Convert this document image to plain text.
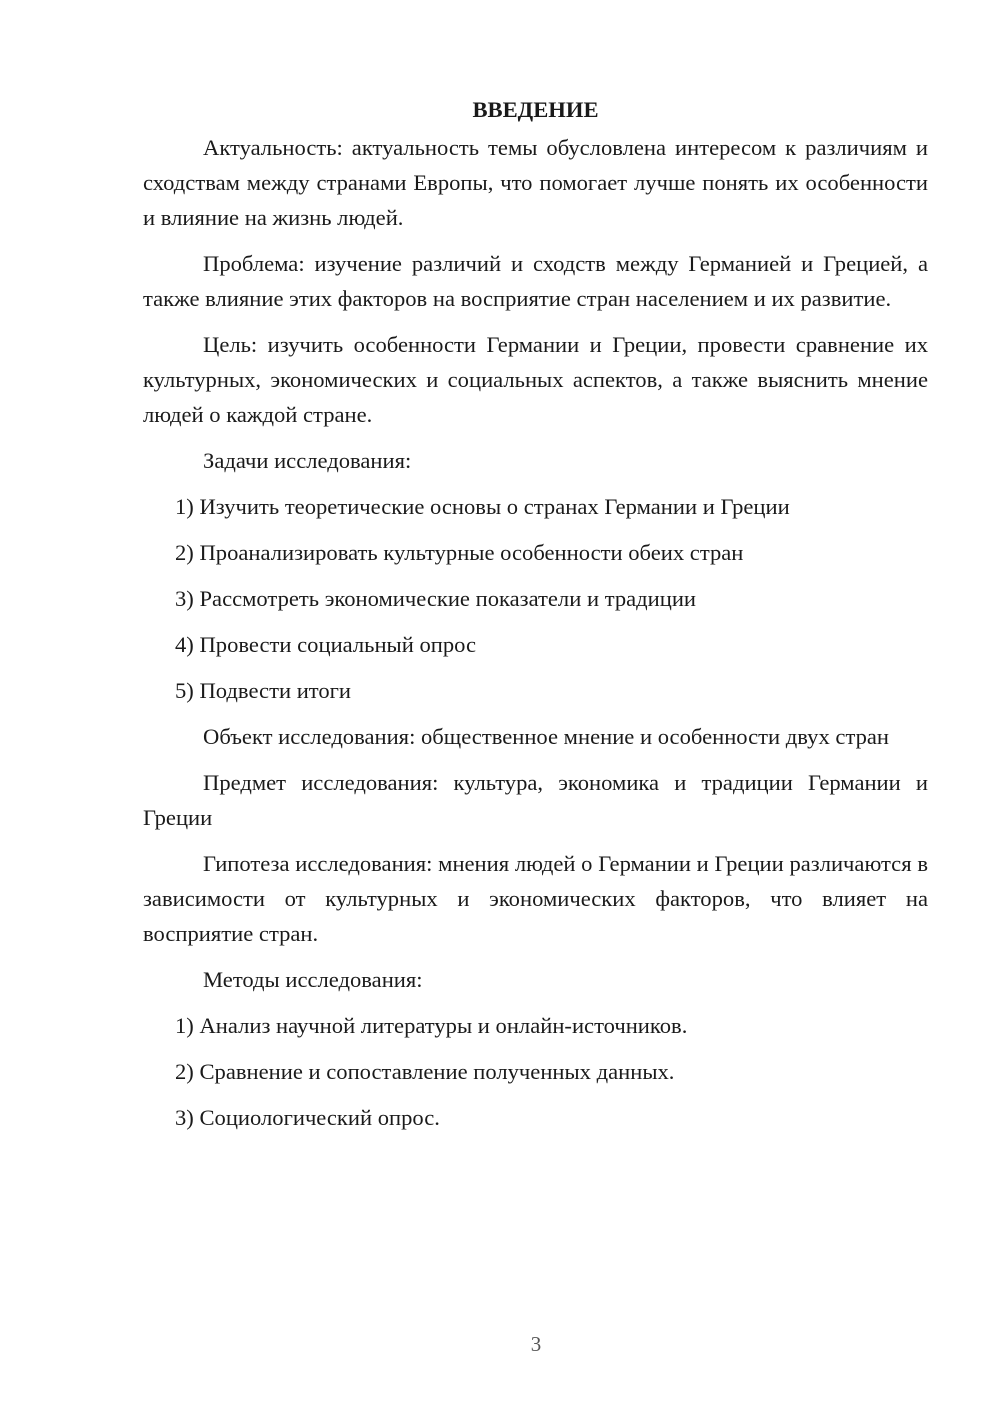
ВВЕДЕНИЕ

Актуальность: актуальность темы обусловлена интересом к различиям и сходствам между странами Европы, что помогает лучше понять их особенности и влияние на жизнь людей.

Проблема: изучение различий и сходств между Германией и Грецией, а также влияние этих факторов на восприятие стран населением и их развитие.

Цель: изучить особенности Германии и Греции, провести сравнение их культурных, экономических и социальных аспектов, а также выяснить мнение людей о каждой стране.

Задачи исследования:
1) Изучить теоретические основы о странах Германии и Греции
2) Проанализировать культурные особенности обеих стран
3) Рассмотреть экономические показатели и традиции
4) Провести социальный опрос
5) Подвести итоги

Объект исследования: общественное мнение и особенности двух стран

Предмет исследования: культура, экономика и традиции Германии и Греции

Гипотеза исследования: мнения людей о Германии и Греции различаются в зависимости от культурных и экономических факторов, что влияет на восприятие стран.

Методы исследования:
1) Анализ научной литературы и онлайн-источников.
2) Сравнение и сопоставление полученных данных.
3) Социологический опрос.
3
